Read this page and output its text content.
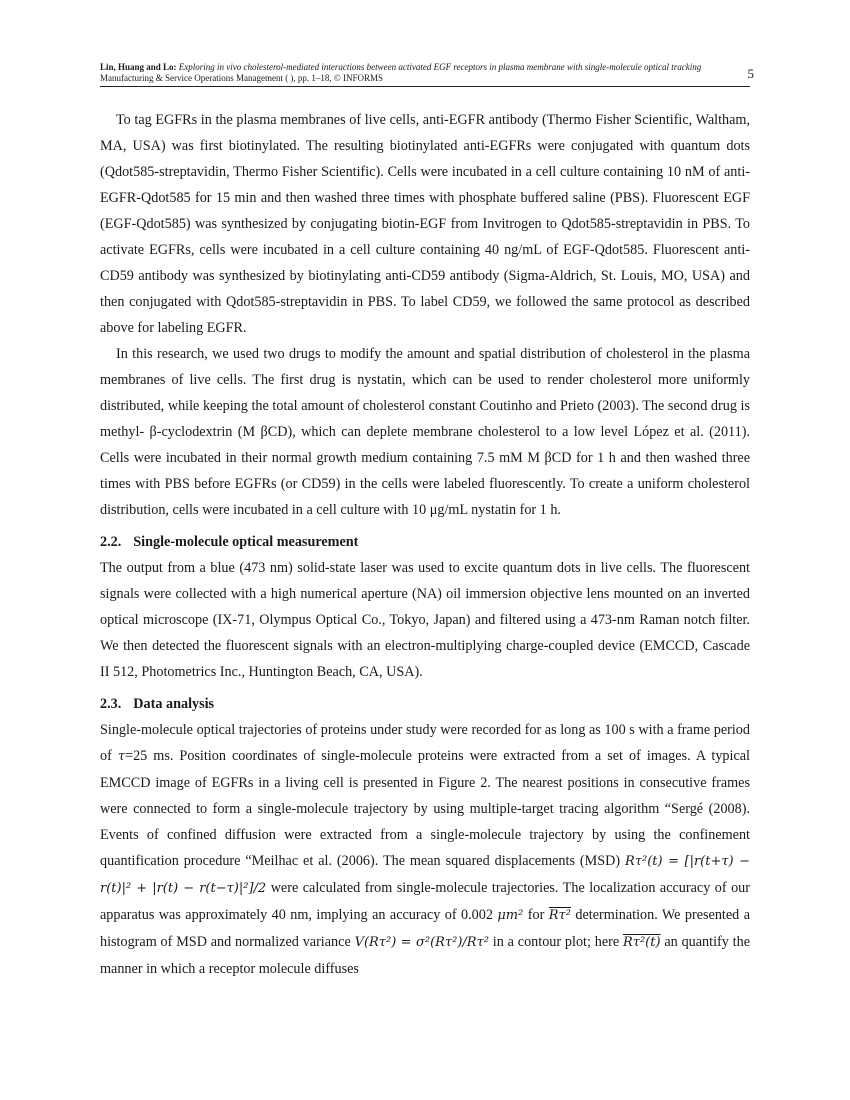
Lin, Huang and Lo: Exploring in vivo cholesterol-mediated interactions between activated EGF receptors in plasma membrane with single-molecule optical tracking
Manufacturing & Service Operations Management ( ), pp. 1–18, © INFORMS	5

To tag EGFRs in the plasma membranes of live cells, anti-EGFR antibody (Thermo Fisher Scientific, Waltham, MA, USA) was first biotinylated. The resulting biotinylated anti-EGFRs were conjugated with quantum dots (Qdot585-streptavidin, Thermo Fisher Scientific). Cells were incubated in a cell culture containing 10 nM of anti-EGFR-Qdot585 for 15 min and then washed three times with phosphate buffered saline (PBS). Fluorescent EGF (EGF-Qdot585) was synthesized by conjugating biotin-EGF from Invitrogen to Qdot585-streptavidin in PBS. To activate EGFRs, cells were incubated in a cell culture containing 40 ng/mL of EGF-Qdot585. Fluorescent anti-CD59 antibody was synthesized by biotinylating anti-CD59 antibody (Sigma-Aldrich, St. Louis, MO, USA) and then conjugated with Qdot585-streptavidin in PBS. To label CD59, we followed the same protocol as described above for labeling EGFR.

In this research, we used two drugs to modify the amount and spatial distribution of cholesterol in the plasma membranes of live cells. The first drug is nystatin, which can be used to render cholesterol more uniformly distributed, while keeping the total amount of cholesterol constant Coutinho and Prieto (2003). The second drug is methyl- β-cyclodextrin (M βCD), which can deplete membrane cholesterol to a low level López et al. (2011). Cells were incubated in their normal growth medium containing 7.5 mM M βCD for 1 h and then washed three times with PBS before EGFRs (or CD59) in the cells were labeled fluorescently. To create a uniform cholesterol distribution, cells were incubated in a cell culture with 10 μg/mL nystatin for 1 h.

2.2. Single-molecule optical measurement

The output from a blue (473 nm) solid-state laser was used to excite quantum dots in live cells. The fluorescent signals were collected with a high numerical aperture (NA) oil immersion objective lens mounted on an inverted optical microscope (IX-71, Olympus Optical Co., Tokyo, Japan) and filtered using a 473-nm Raman notch filter. We then detected the fluorescent signals with an electron-multiplying charge-coupled device (EMCCD, Cascade II 512, Photometrics Inc., Huntington Beach, CA, USA).

2.3. Data analysis

Single-molecule optical trajectories of proteins under study were recorded for as long as 100 s with a frame period of τ=25 ms. Position coordinates of single-molecule proteins were extracted from a set of images. A typical EMCCD image of EGFRs in a living cell is presented in Figure 2. The nearest positions in consecutive frames were connected to form a single-molecule trajectory by using multiple-target tracing algorithm “Sergé (2008). Events of confined diffusion were extracted from a single-molecule trajectory by using the confinement quantification procedure “Meilhac et al. (2006). The mean squared displacements (MSD) Rτ²(t) = [|r(t+τ) − r(t)|² + |r(t) − r(t−τ)|²]/2 were calculated from single-molecule trajectories. The localization accuracy of our apparatus was approximately 40 nm, implying an accuracy of 0.002 μm² for Rτ² determination. We presented a histogram of MSD and normalized variance V(Rτ²) = σ²(Rτ²)/Rτ² in a contour plot; here Rτ²(t) an quantify the manner in which a receptor molecule diffuses
